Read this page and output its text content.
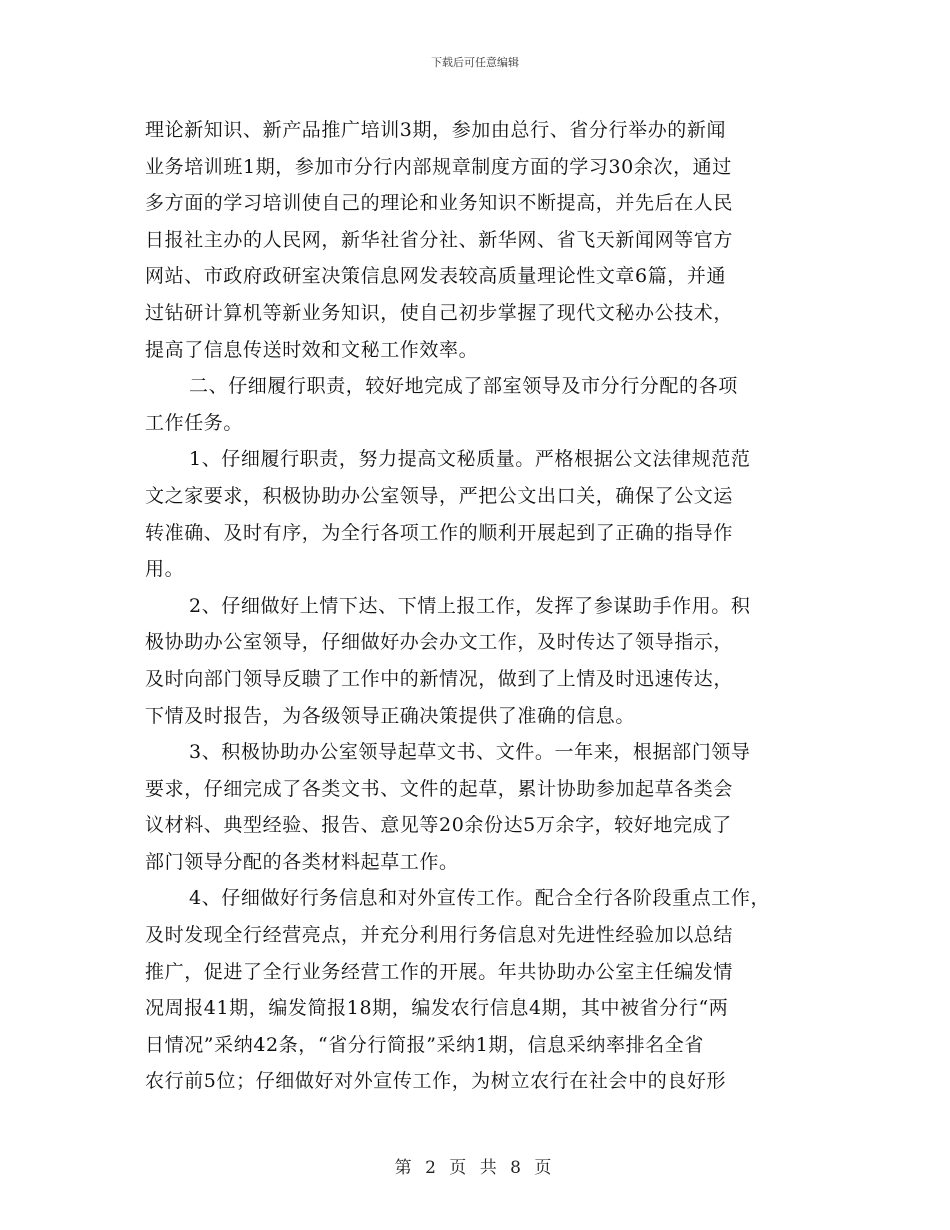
下载后可任意编辑
理论新知识、新产品推广培训3期，参加由总行、省分行举办的新闻
业务培训班1期，参加市分行内部规章制度方面的学习30余次，通过
多方面的学习培训使自己的理论和业务知识不断提高，并先后在人民
日报社主办的人民网，新华社省分社、新华网、省飞天新闻网等官方
网站、市政府政研室决策信息网发表较高质量理论性文章6篇，并通
过钻研计算机等新业务知识，使自己初步掌握了现代文秘办公技术，
提高了信息传送时效和文秘工作效率。
二、仔细履行职责，较好地完成了部室领导及市分行分配的各项
工作任务。
1、仔细履行职责，努力提高文秘质量。严格根据公文法律规范范
文之家要求，积极协助办公室领导，严把公文出口关，确保了公文运
转准确、及时有序，为全行各项工作的顺利开展起到了正确的指导作
用。
2、仔细做好上情下达、下情上报工作，发挥了参谋助手作用。积
极协助办公室领导，仔细做好办会办文工作，及时传达了领导指示，
及时向部门领导反聩了工作中的新情况，做到了上情及时迅速传达，
下情及时报告，为各级领导正确决策提供了准确的信息。
3、积极协助办公室领导起草文书、文件。一年来，根据部门领导
要求，仔细完成了各类文书、文件的起草，累计协助参加起草各类会
议材料、典型经验、报告、意见等20余份达5万余字，较好地完成了
部门领导分配的各类材料起草工作。
4、仔细做好行务信息和对外宣传工作。配合全行各阶段重点工作，
及时发现全行经营亮点，并充分利用行务信息对先进性经验加以总结
推广，促进了全行业务经营工作的开展。年共协助办公室主任编发情
况周报41期，编发简报18期，编发农行信息4期，其中被省分行“两
日情况”采纳42条，“省分行简报”采纳1期，信息采纳率排名全省
农行前5位；仔细做好对外宣传工作，为树立农行在社会中的良好形
第 2 页 共 8 页
